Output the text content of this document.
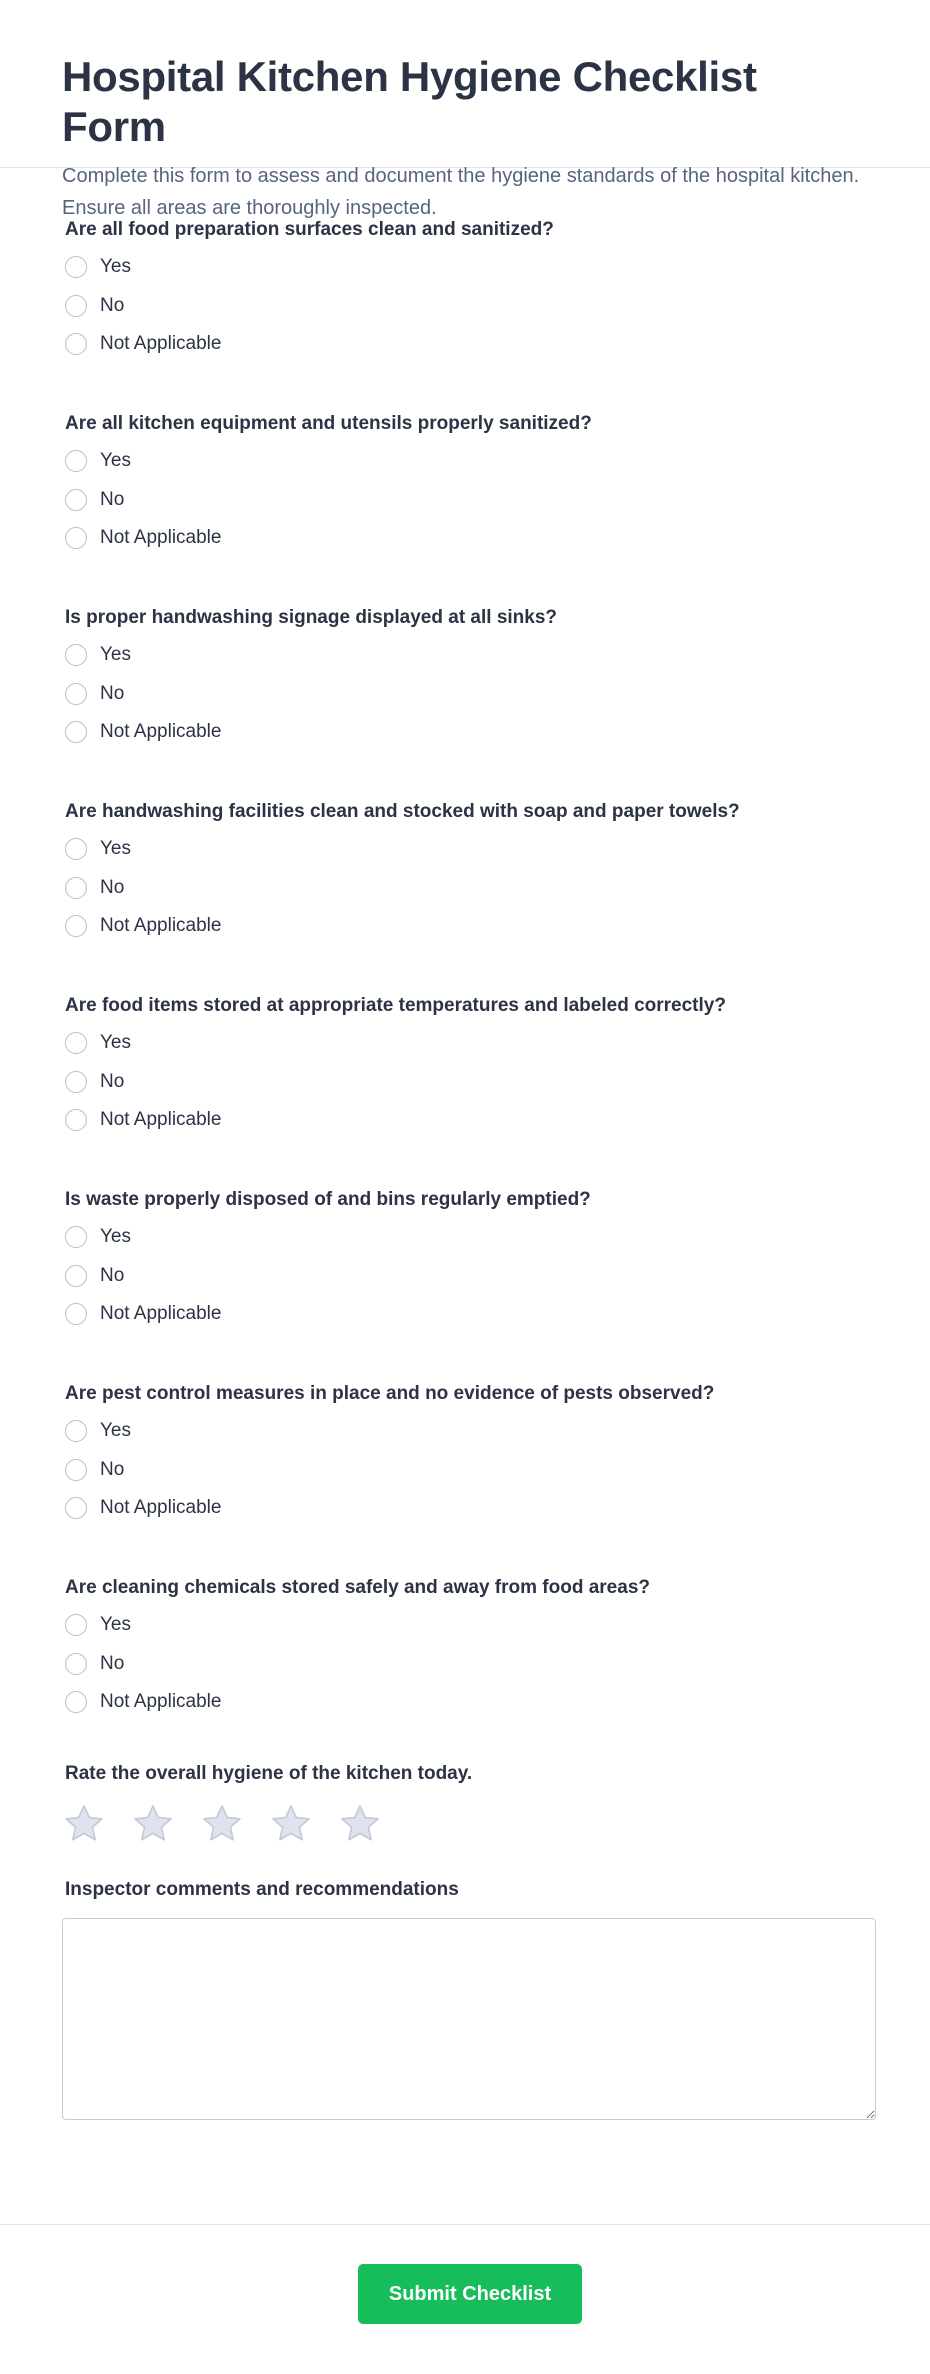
Hospital Kitchen Hygiene Checklist Form
Complete this form to assess and document the hygiene standards of the hospital kitchen. Ensure all areas are thoroughly inspected.
Are all food preparation surfaces clean and sanitized?
Yes
No
Not Applicable
Are all kitchen equipment and utensils properly sanitized?
Yes
No
Not Applicable
Is proper handwashing signage displayed at all sinks?
Yes
No
Not Applicable
Are handwashing facilities clean and stocked with soap and paper towels?
Yes
No
Not Applicable
Are food items stored at appropriate temperatures and labeled correctly?
Yes
No
Not Applicable
Is waste properly disposed of and bins regularly emptied?
Yes
No
Not Applicable
Are pest control measures in place and no evidence of pests observed?
Yes
No
Not Applicable
Are cleaning chemicals stored safely and away from food areas?
Yes
No
Not Applicable
Rate the overall hygiene of the kitchen today.
Inspector comments and recommendations
Submit Checklist
